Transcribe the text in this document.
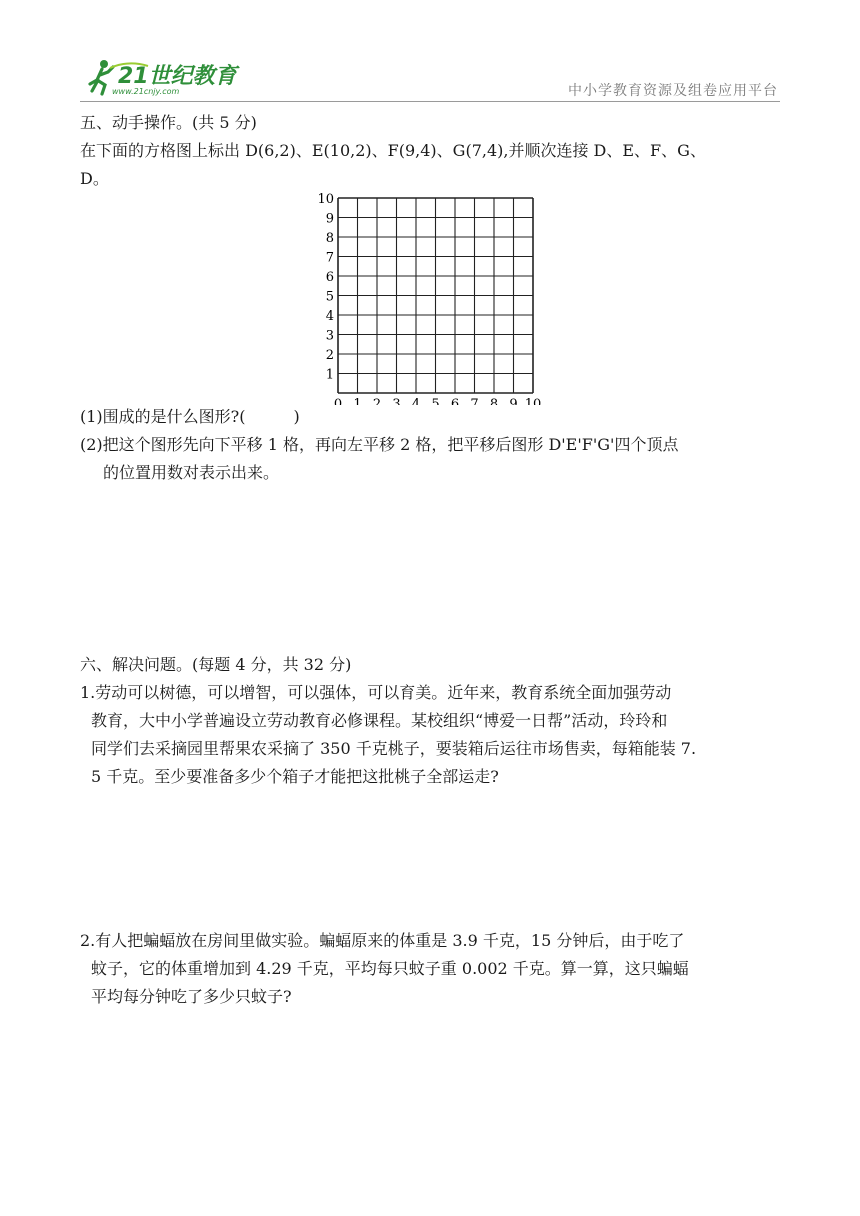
21世纪教育
www.21cnjy.com	中小学教育资源及组卷应用平台
五、动手操作。(共 5 分)
在下面的方格图上标出 D(6,2)、E(10,2)、F(9,4)、G(7,4),并顺次连接 D、E、F、G、
D。
0 1 2 3 4 5 6 7 8 9 10
1
2
3
4
5
6
7
8
9
10
(1)围成的是什么图形?(　　　)
(2)把这个图形先向下平移 1 格，再向左平移 2 格，把平移后图形 D'E'F'G'四个顶点
的位置用数对表示出来。
六、解决问题。(每题 4 分，共 32 分)
1.劳动可以树德，可以增智，可以强体，可以育美。近年来，教育系统全面加强劳动
教育，大中小学普遍设立劳动教育必修课程。某校组织“博爱一日帮”活动，玲玲和
同学们去采摘园里帮果农采摘了 350 千克桃子，要装箱后运往市场售卖，每箱能装 7.
5 千克。至少要准备多少个箱子才能把这批桃子全部运走?
2.有人把蝙蝠放在房间里做实验。蝙蝠原来的体重是 3.9 千克，15 分钟后，由于吃了
蚊子，它的体重增加到 4.29 千克，平均每只蚊子重 0.002 千克。算一算，这只蝙蝠
平均每分钟吃了多少只蚊子?
